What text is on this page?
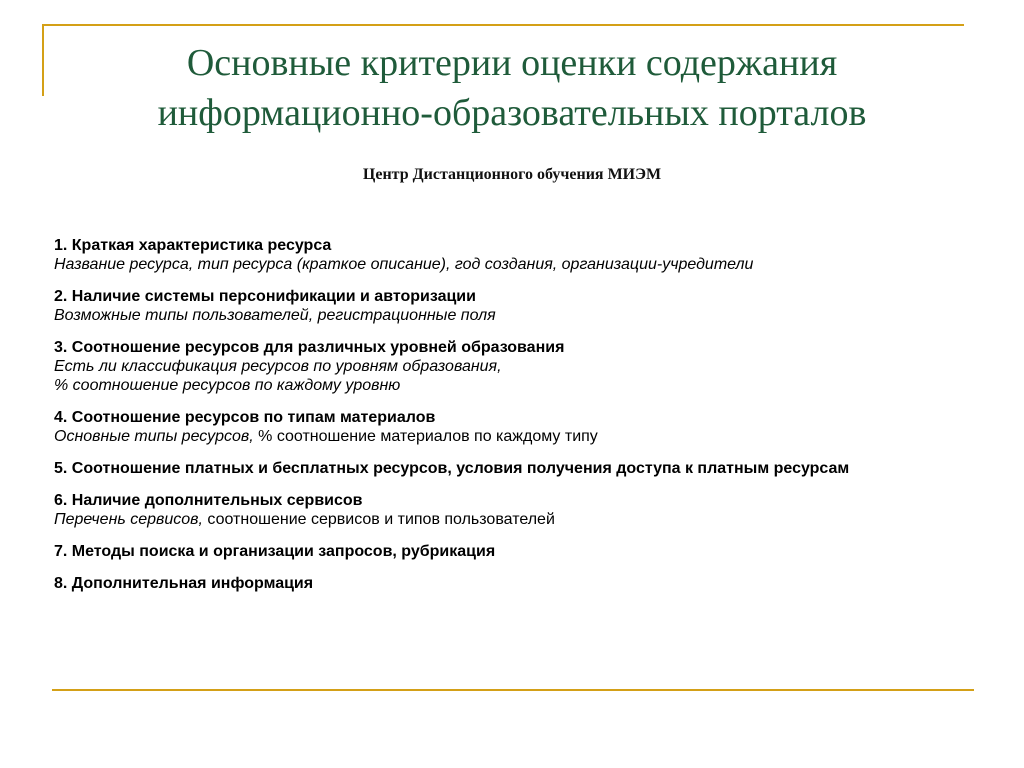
Основные критерии оценки содержания
информационно-образовательных порталов
Центр Дистанционного обучения МИЭМ
1. Краткая характеристика ресурса
Название ресурса, тип ресурса (краткое описание), год создания, организации-учредители
2. Наличие системы персонификации и авторизации
Возможные типы пользователей, регистрационные поля
3. Соотношение ресурсов для различных уровней образования
Есть ли классификация ресурсов по уровням образования,
% соотношение ресурсов по каждому уровню
4. Соотношение ресурсов по типам материалов
Основные типы ресурсов, % соотношение материалов по каждому типу
5. Соотношение платных и бесплатных ресурсов, условия получения доступа к платным ресурсам
6. Наличие дополнительных сервисов
Перечень сервисов, соотношение сервисов и типов пользователей
7. Методы поиска и организации запросов, рубрикация
8. Дополнительная информация
